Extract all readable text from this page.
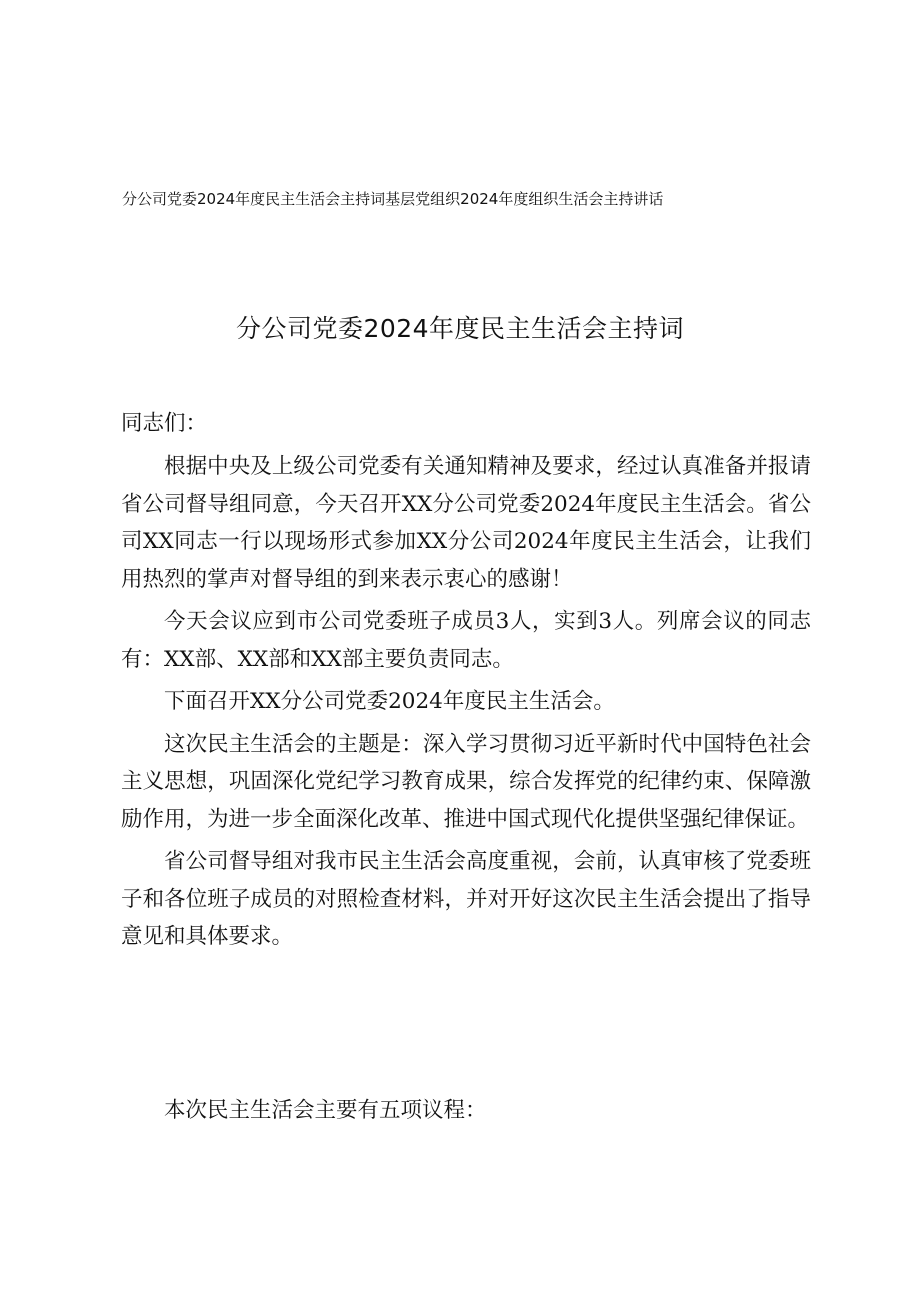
分公司党委2024年度民主生活会主持词基层党组织2024年度组织生活会主持讲话
分公司党委2024年度民主生活会主持词

同志们：

根据中央及上级公司党委有关通知精神及要求，经过认真准备并报请省公司督导组同意，今天召开XX分公司党委2024年度民主生活会。省公司XX同志一行以现场形式参加XX分公司2024年度民主生活会，让我们用热烈的掌声对督导组的到来表示衷心的感谢！

今天会议应到市公司党委班子成员3人，实到3人。列席会议的同志有：XX部、XX部和XX部主要负责同志。

下面召开XX分公司党委2024年度民主生活会。

这次民主生活会的主题是：深入学习贯彻习近平新时代中国特色社会主义思想，巩固深化党纪学习教育成果，综合发挥党的纪律约束、保障激励作用，为进一步全面深化改革、推进中国式现代化提供坚强纪律保证。

省公司督导组对我市民主生活会高度重视，会前，认真审核了党委班子和各位班子成员的对照检查材料，并对开好这次民主生活会提出了指导意见和具体要求。

本次民主生活会主要有五项议程：
